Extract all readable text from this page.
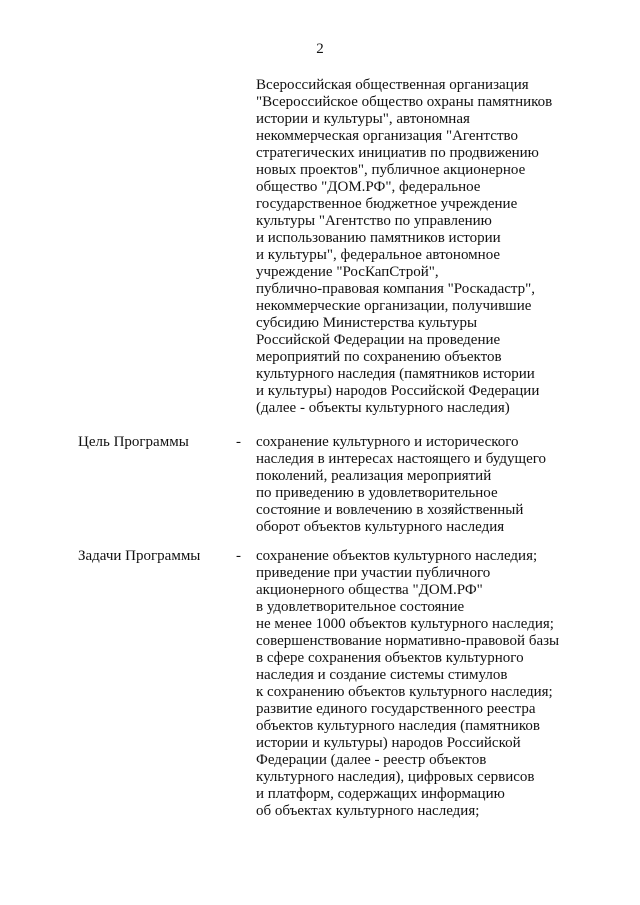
2
Всероссийская общественная организация
"Всероссийское общество охраны памятников
истории и культуры", автономная
некоммерческая организация "Агентство
стратегических инициатив по продвижению
новых проектов", публичное акционерное
общество "ДОМ.РФ", федеральное
государственное бюджетное учреждение
культуры "Агентство по управлению
и использованию памятников истории
и культуры", федеральное автономное
учреждение "РосКапСтрой",
публично-правовая компания "Роскадастр",
некоммерческие организации, получившие
субсидию Министерства культуры
Российской Федерации на проведение
мероприятий по сохранению объектов
культурного наследия (памятников истории
и культуры) народов Российской Федерации
(далее - объекты культурного наследия)
Цель Программы	- сохранение культурного и исторического
наследия в интересах настоящего и будущего
поколений, реализация мероприятий
по приведению в удовлетворительное
состояние и вовлечению в хозяйственный
оборот объектов культурного наследия
Задачи Программы - сохранение объектов культурного наследия;
приведение при участии публичного
акционерного общества "ДОМ.РФ"
в удовлетворительное состояние
не менее 1000 объектов культурного наследия;
совершенствование нормативно-правовой базы
в сфере сохранения объектов культурного
наследия и создание системы стимулов
к сохранению объектов культурного наследия;
развитие единого государственного реестра
объектов культурного наследия (памятников
истории и культуры) народов Российской
Федерации (далее - реестр объектов
культурного наследия), цифровых сервисов
и платформ, содержащих информацию
об объектах культурного наследия;
